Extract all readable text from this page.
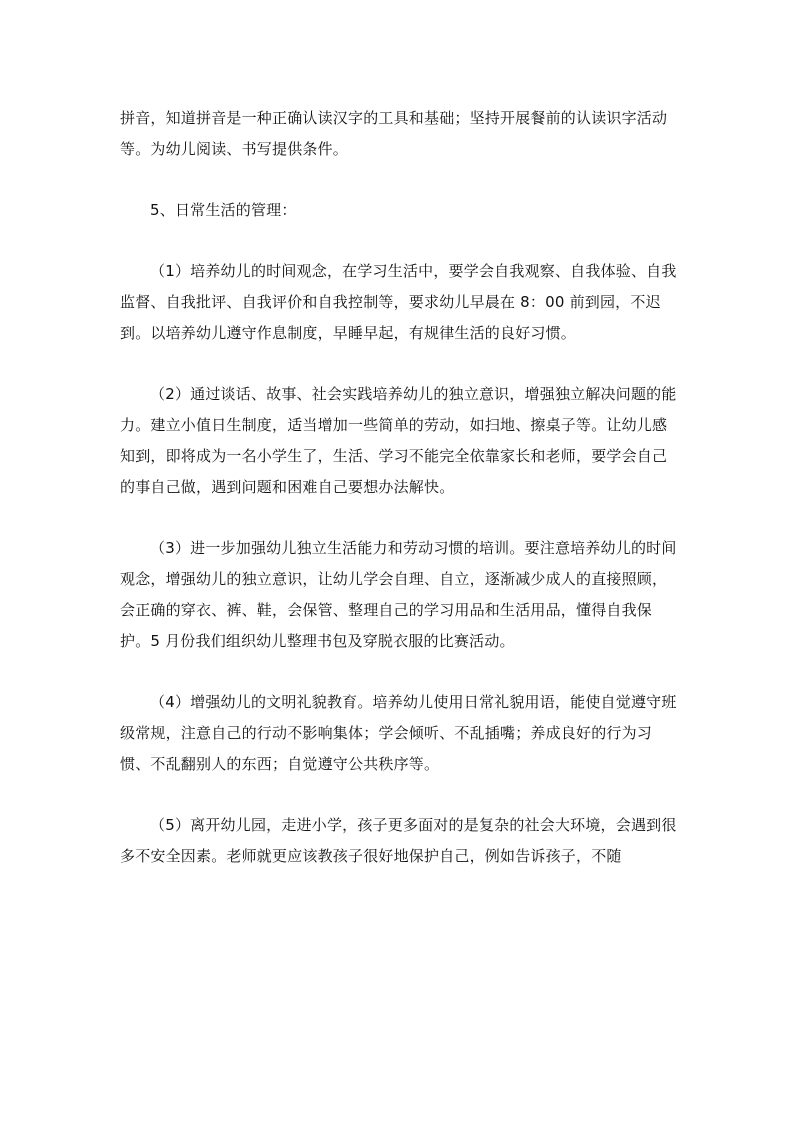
拼音，知道拼音是一种正确认读汉字的工具和基础；坚持开展餐前的认读识字活动等。为幼儿阅读、书写提供条件。

5、日常生活的管理：

（1）培养幼儿的时间观念，在学习生活中，要学会自我观察、自我体验、自我监督、自我批评、自我评价和自我控制等，要求幼儿早晨在 8：00 前到园，不迟到。以培养幼儿遵守作息制度，早睡早起，有规律生活的良好习惯。

（2）通过谈话、故事、社会实践培养幼儿的独立意识，增强独立解决问题的能力。建立小值日生制度，适当增加一些简单的劳动，如扫地、擦桌子等。让幼儿感知到，即将成为一名小学生了，生活、学习不能完全依靠家长和老师，要学会自己的事自己做，遇到问题和困难自己要想办法解快。

（3）进一步加强幼儿独立生活能力和劳动习惯的培训。要注意培养幼儿的时间观念，增强幼儿的独立意识，让幼儿学会自理、自立，逐渐减少成人的直接照顾，会正确的穿衣、裤、鞋，会保管、整理自己的学习用品和生活用品，懂得自我保护。5 月份我们组织幼儿整理书包及穿脱衣服的比赛活动。

（4）增强幼儿的文明礼貌教育。培养幼儿使用日常礼貌用语，能使自觉遵守班级常规，注意自己的行动不影响集体；学会倾听、不乱插嘴；养成良好的行为习惯、不乱翻别人的东西；自觉遵守公共秩序等。

（5）离开幼儿园，走进小学，孩子更多面对的是复杂的社会大环境，会遇到很多不安全因素。老师就更应该教孩子很好地保护自己，例如告诉孩子，不随
